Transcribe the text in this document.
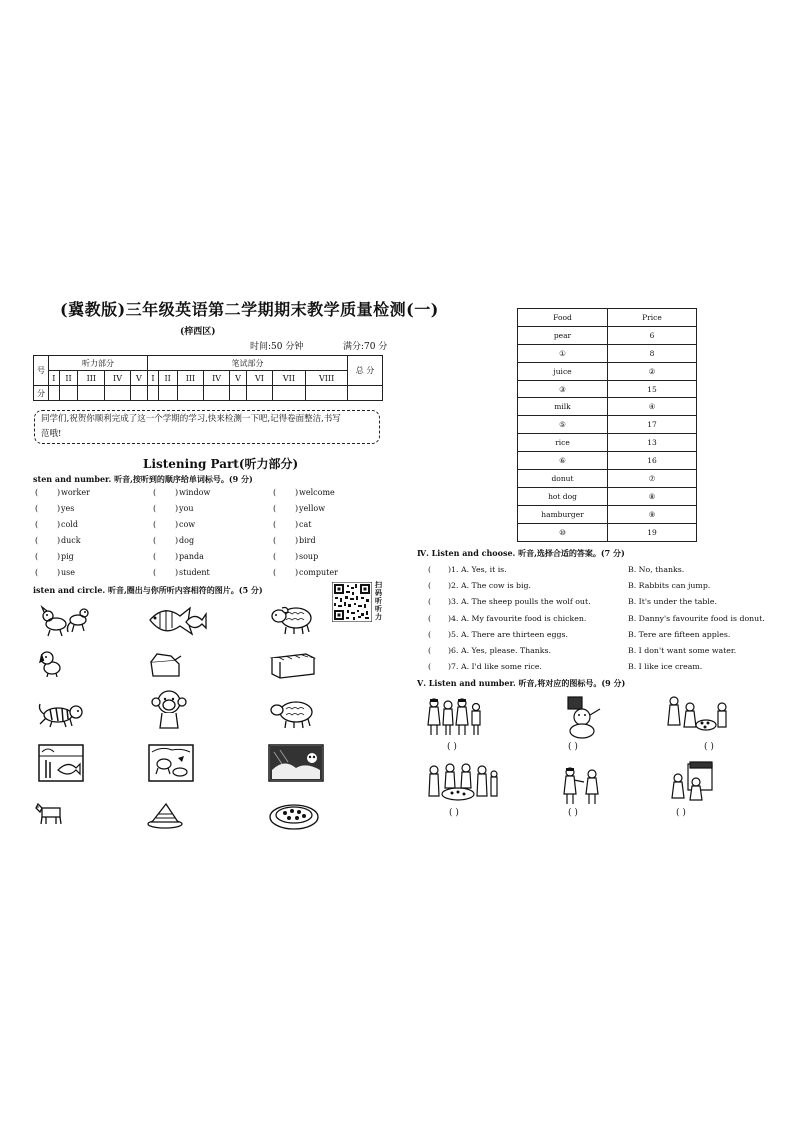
(冀教版)三年级英语第二学期期末教学质量检测(一)
(梓西区)
时间:50 分钟	满分:70 分
号	听力部分					笔试部分								总 分
	I	II	III	IV	V	I	II	III	IV	V	VI	VII	VIII	
分														
同学们,祝贺你顺利完成了这一个学期的学习,快来检测一下吧,记得卷面整洁,书写
范哦!
Listening Part(听力部分)
sten and number. 听音,按听到的顺序给单词标号。(9 分)
( ) worker	( ) window	( ) welcome
( ) yes	( ) you	( ) yellow
( ) cold	( ) cow	( ) cat
( ) duck	( ) dog	( ) bird
( ) pig	( ) panda	( ) soup
( ) use	( ) student	( ) computer
isten and circle. 听音,圈出与你所听内容相符的图片。(5 分)
扫码听听力
Food	Price
pear	6
①	8
juice	②
③	15
milk	④
⑤	17
rice	13
⑥	16
donut	⑦
hot dog	⑧
hamburger	⑨
⑩	19
Ⅳ. Listen and choose. 听音,选择合适的答案。(7 分)
( )1. A. Yes, it is.	B. No, thanks.
( )2. A. The cow is big.	B. Rabbits can jump.
( )3. A. The sheep poulls the wolf out.	B. It's under the table.
( )4. A. My favourite food is chicken.	B. Danny's favourite food is donut.
( )5. A. There are thirteen eggs.	B. Tere are fifteen apples.
( )6. A. Yes, please. Thanks.	B. I don't want some water.
( )7. A. I'd like some rice.	B. I like ice cream.
Ⅴ. Listen and number. 听音,将对应的图标号。(9 分)
( )	( )	( )
( )	( )	( )
